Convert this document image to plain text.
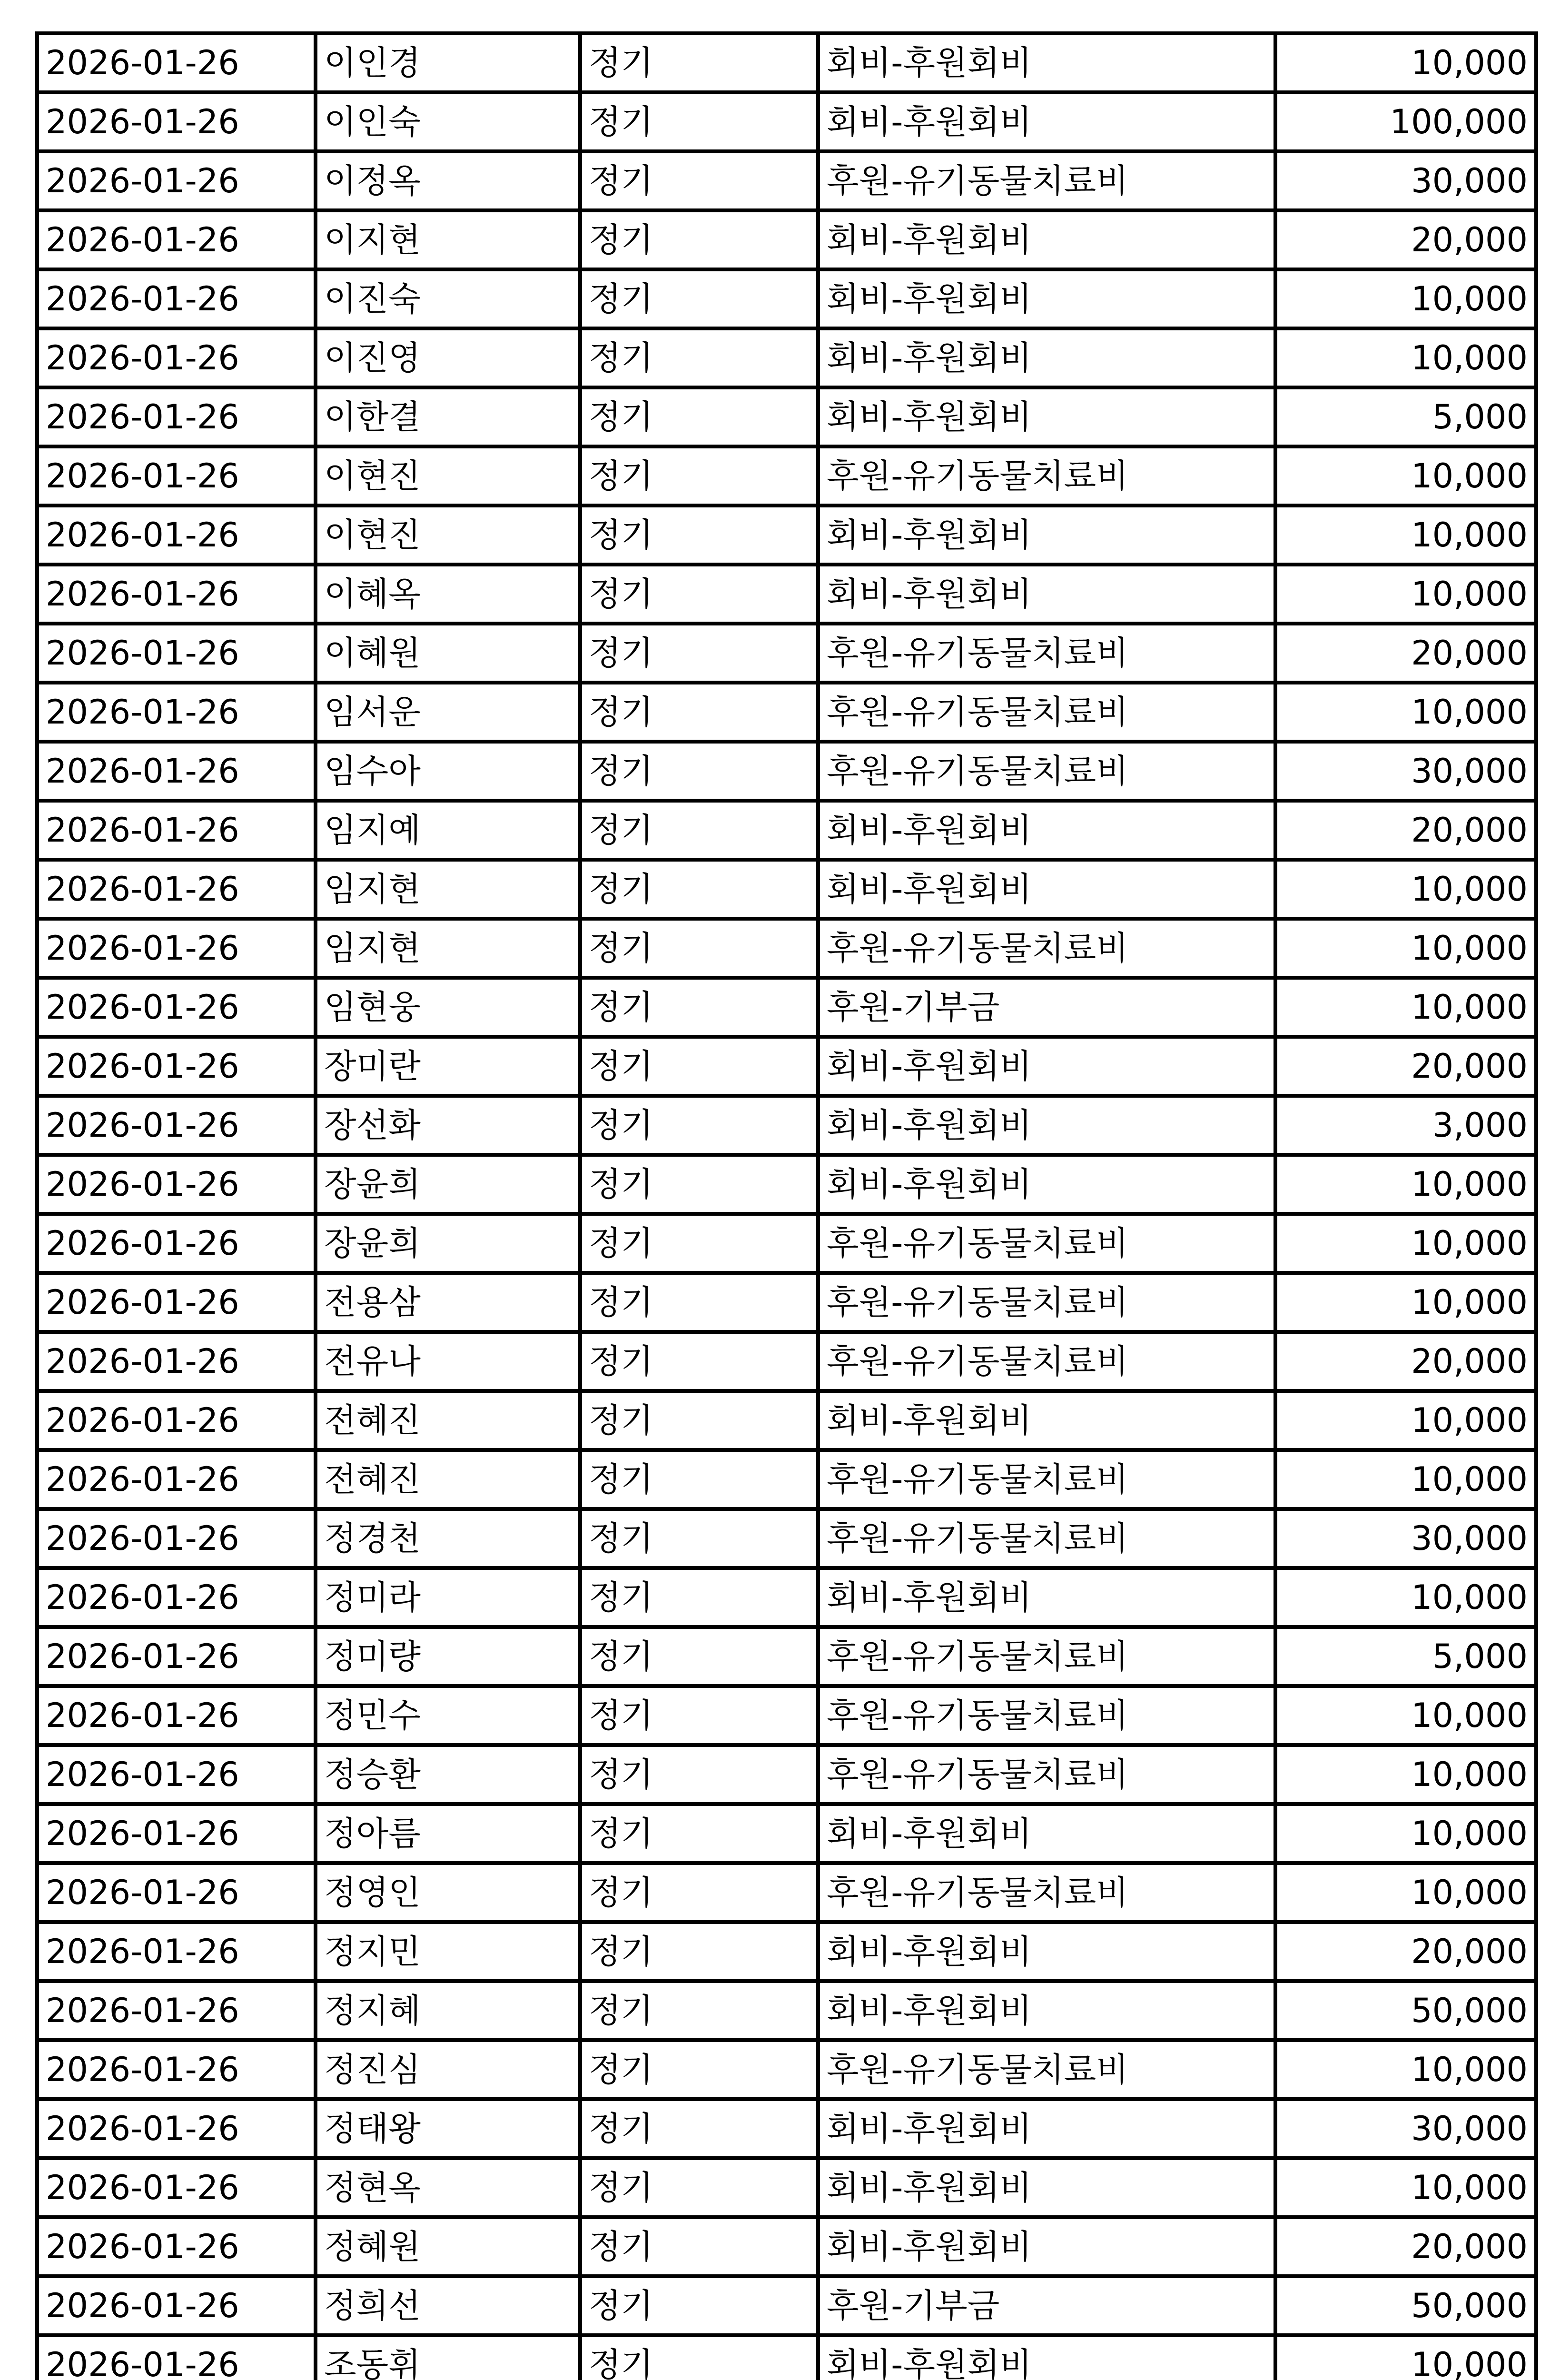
2026-01-26	이인경	정기	회비-후원회비	10,000
2026-01-26	이인숙	정기	회비-후원회비	100,000
2026-01-26	이정옥	정기	후원-유기동물치료비	30,000
2026-01-26	이지현	정기	회비-후원회비	20,000
2026-01-26	이진숙	정기	회비-후원회비	10,000
2026-01-26	이진영	정기	회비-후원회비	10,000
2026-01-26	이한결	정기	회비-후원회비	5,000
2026-01-26	이현진	정기	후원-유기동물치료비	10,000
2026-01-26	이현진	정기	회비-후원회비	10,000
2026-01-26	이혜옥	정기	회비-후원회비	10,000
2026-01-26	이혜원	정기	후원-유기동물치료비	20,000
2026-01-26	임서운	정기	후원-유기동물치료비	10,000
2026-01-26	임수아	정기	후원-유기동물치료비	30,000
2026-01-26	임지예	정기	회비-후원회비	20,000
2026-01-26	임지현	정기	회비-후원회비	10,000
2026-01-26	임지현	정기	후원-유기동물치료비	10,000
2026-01-26	임현웅	정기	후원-기부금	10,000
2026-01-26	장미란	정기	회비-후원회비	20,000
2026-01-26	장선화	정기	회비-후원회비	3,000
2026-01-26	장윤희	정기	회비-후원회비	10,000
2026-01-26	장윤희	정기	후원-유기동물치료비	10,000
2026-01-26	전용삼	정기	후원-유기동물치료비	10,000
2026-01-26	전유나	정기	후원-유기동물치료비	20,000
2026-01-26	전혜진	정기	회비-후원회비	10,000
2026-01-26	전혜진	정기	후원-유기동물치료비	10,000
2026-01-26	정경천	정기	후원-유기동물치료비	30,000
2026-01-26	정미라	정기	회비-후원회비	10,000
2026-01-26	정미량	정기	후원-유기동물치료비	5,000
2026-01-26	정민수	정기	후원-유기동물치료비	10,000
2026-01-26	정승환	정기	후원-유기동물치료비	10,000
2026-01-26	정아름	정기	회비-후원회비	10,000
2026-01-26	정영인	정기	후원-유기동물치료비	10,000
2026-01-26	정지민	정기	회비-후원회비	20,000
2026-01-26	정지혜	정기	회비-후원회비	50,000
2026-01-26	정진심	정기	후원-유기동물치료비	10,000
2026-01-26	정태왕	정기	회비-후원회비	30,000
2026-01-26	정현옥	정기	회비-후원회비	10,000
2026-01-26	정혜원	정기	회비-후원회비	20,000
2026-01-26	정희선	정기	후원-기부금	50,000
2026-01-26	조동휘	정기	회비-후원회비	10,000
